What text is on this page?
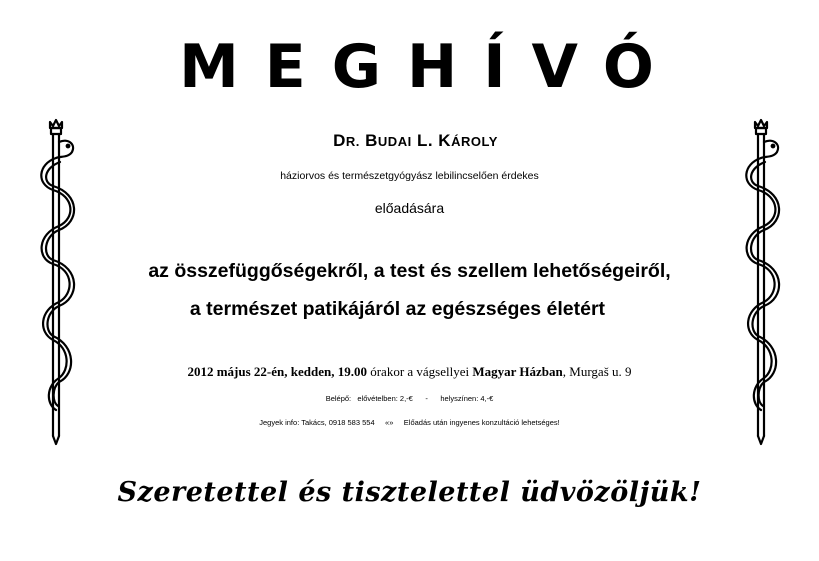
MEGHÍVÓ
DR. BUDAI L. KÁROLY
háziorvos és természetgyógyász lebilincselően érdekes
előadására
az összefüggőségekről, a test és szellem lehetőségeiről,
a természet patikájáról az egészséges életért
2012 május 22-én, kedden, 19.00 órakor a vágsellyei Magyar Házban, Murgaš u. 9
Belépő:   elővételben: 2,-€      -      helyszínen: 4,-€
Jegyek info: Takács, 0918 583 554     «»     Előadás után ingyenes konzultáció lehetséges!
Szeretettel és tisztelettel üdvözöljük!
